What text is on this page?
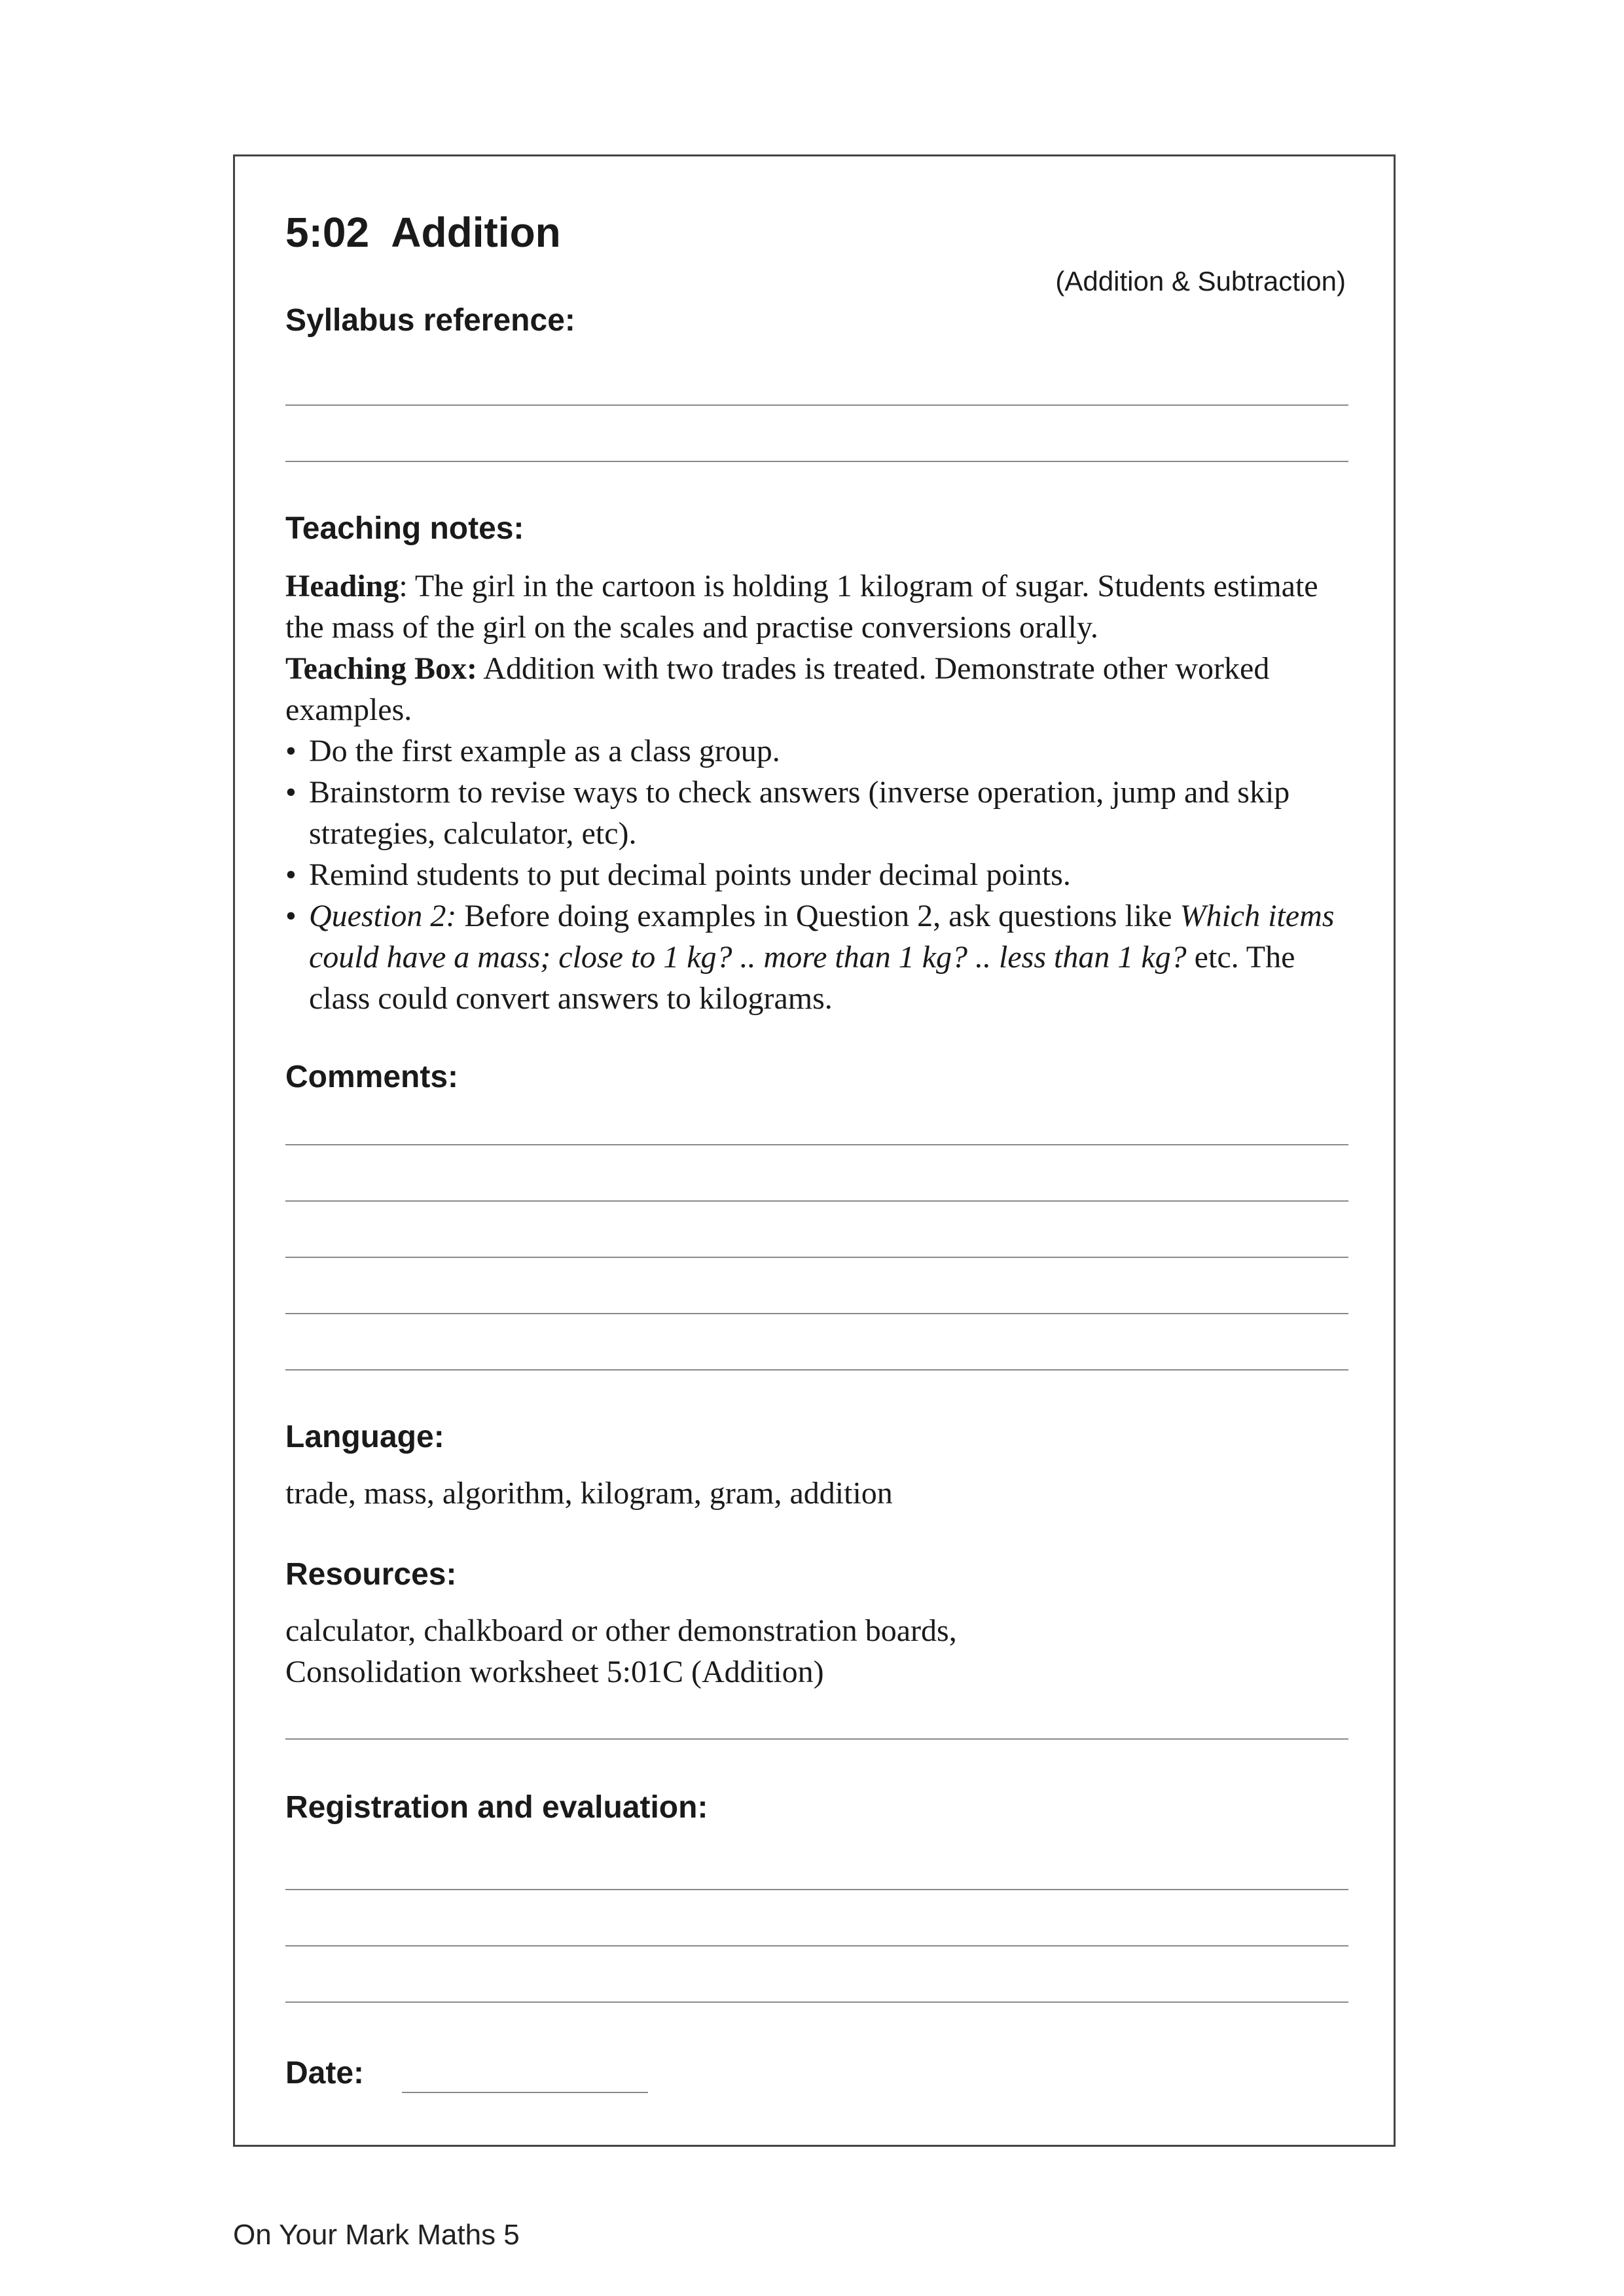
5:02 Addition
(Addition & Subtraction)
Syllabus reference:
Teaching notes:

Heading: The girl in the cartoon is holding 1 kilogram of sugar. Students estimate the mass of the girl on the scales and practise conversions orally.

Teaching Box: Addition with two trades is treated. Demonstrate other worked examples.

• Do the first example as a class group.
• Brainstorm to revise ways to check answers (inverse operation, jump and skip strategies, calculator, etc).
• Remind students to put decimal points under decimal points.
• Question 2: Before doing examples in Question 2, ask questions like Which items could have a mass; close to 1 kg? .. more than 1 kg? .. less than 1 kg? etc. The class could convert answers to kilograms.
Comments:
Language:
trade, mass, algorithm, kilogram, gram, addition
Resources:

calculator, chalkboard or other demonstration boards,

Consolidation worksheet 5:01C (Addition)

Registration and evaluation:
Date:
On Your Mark Maths 5
